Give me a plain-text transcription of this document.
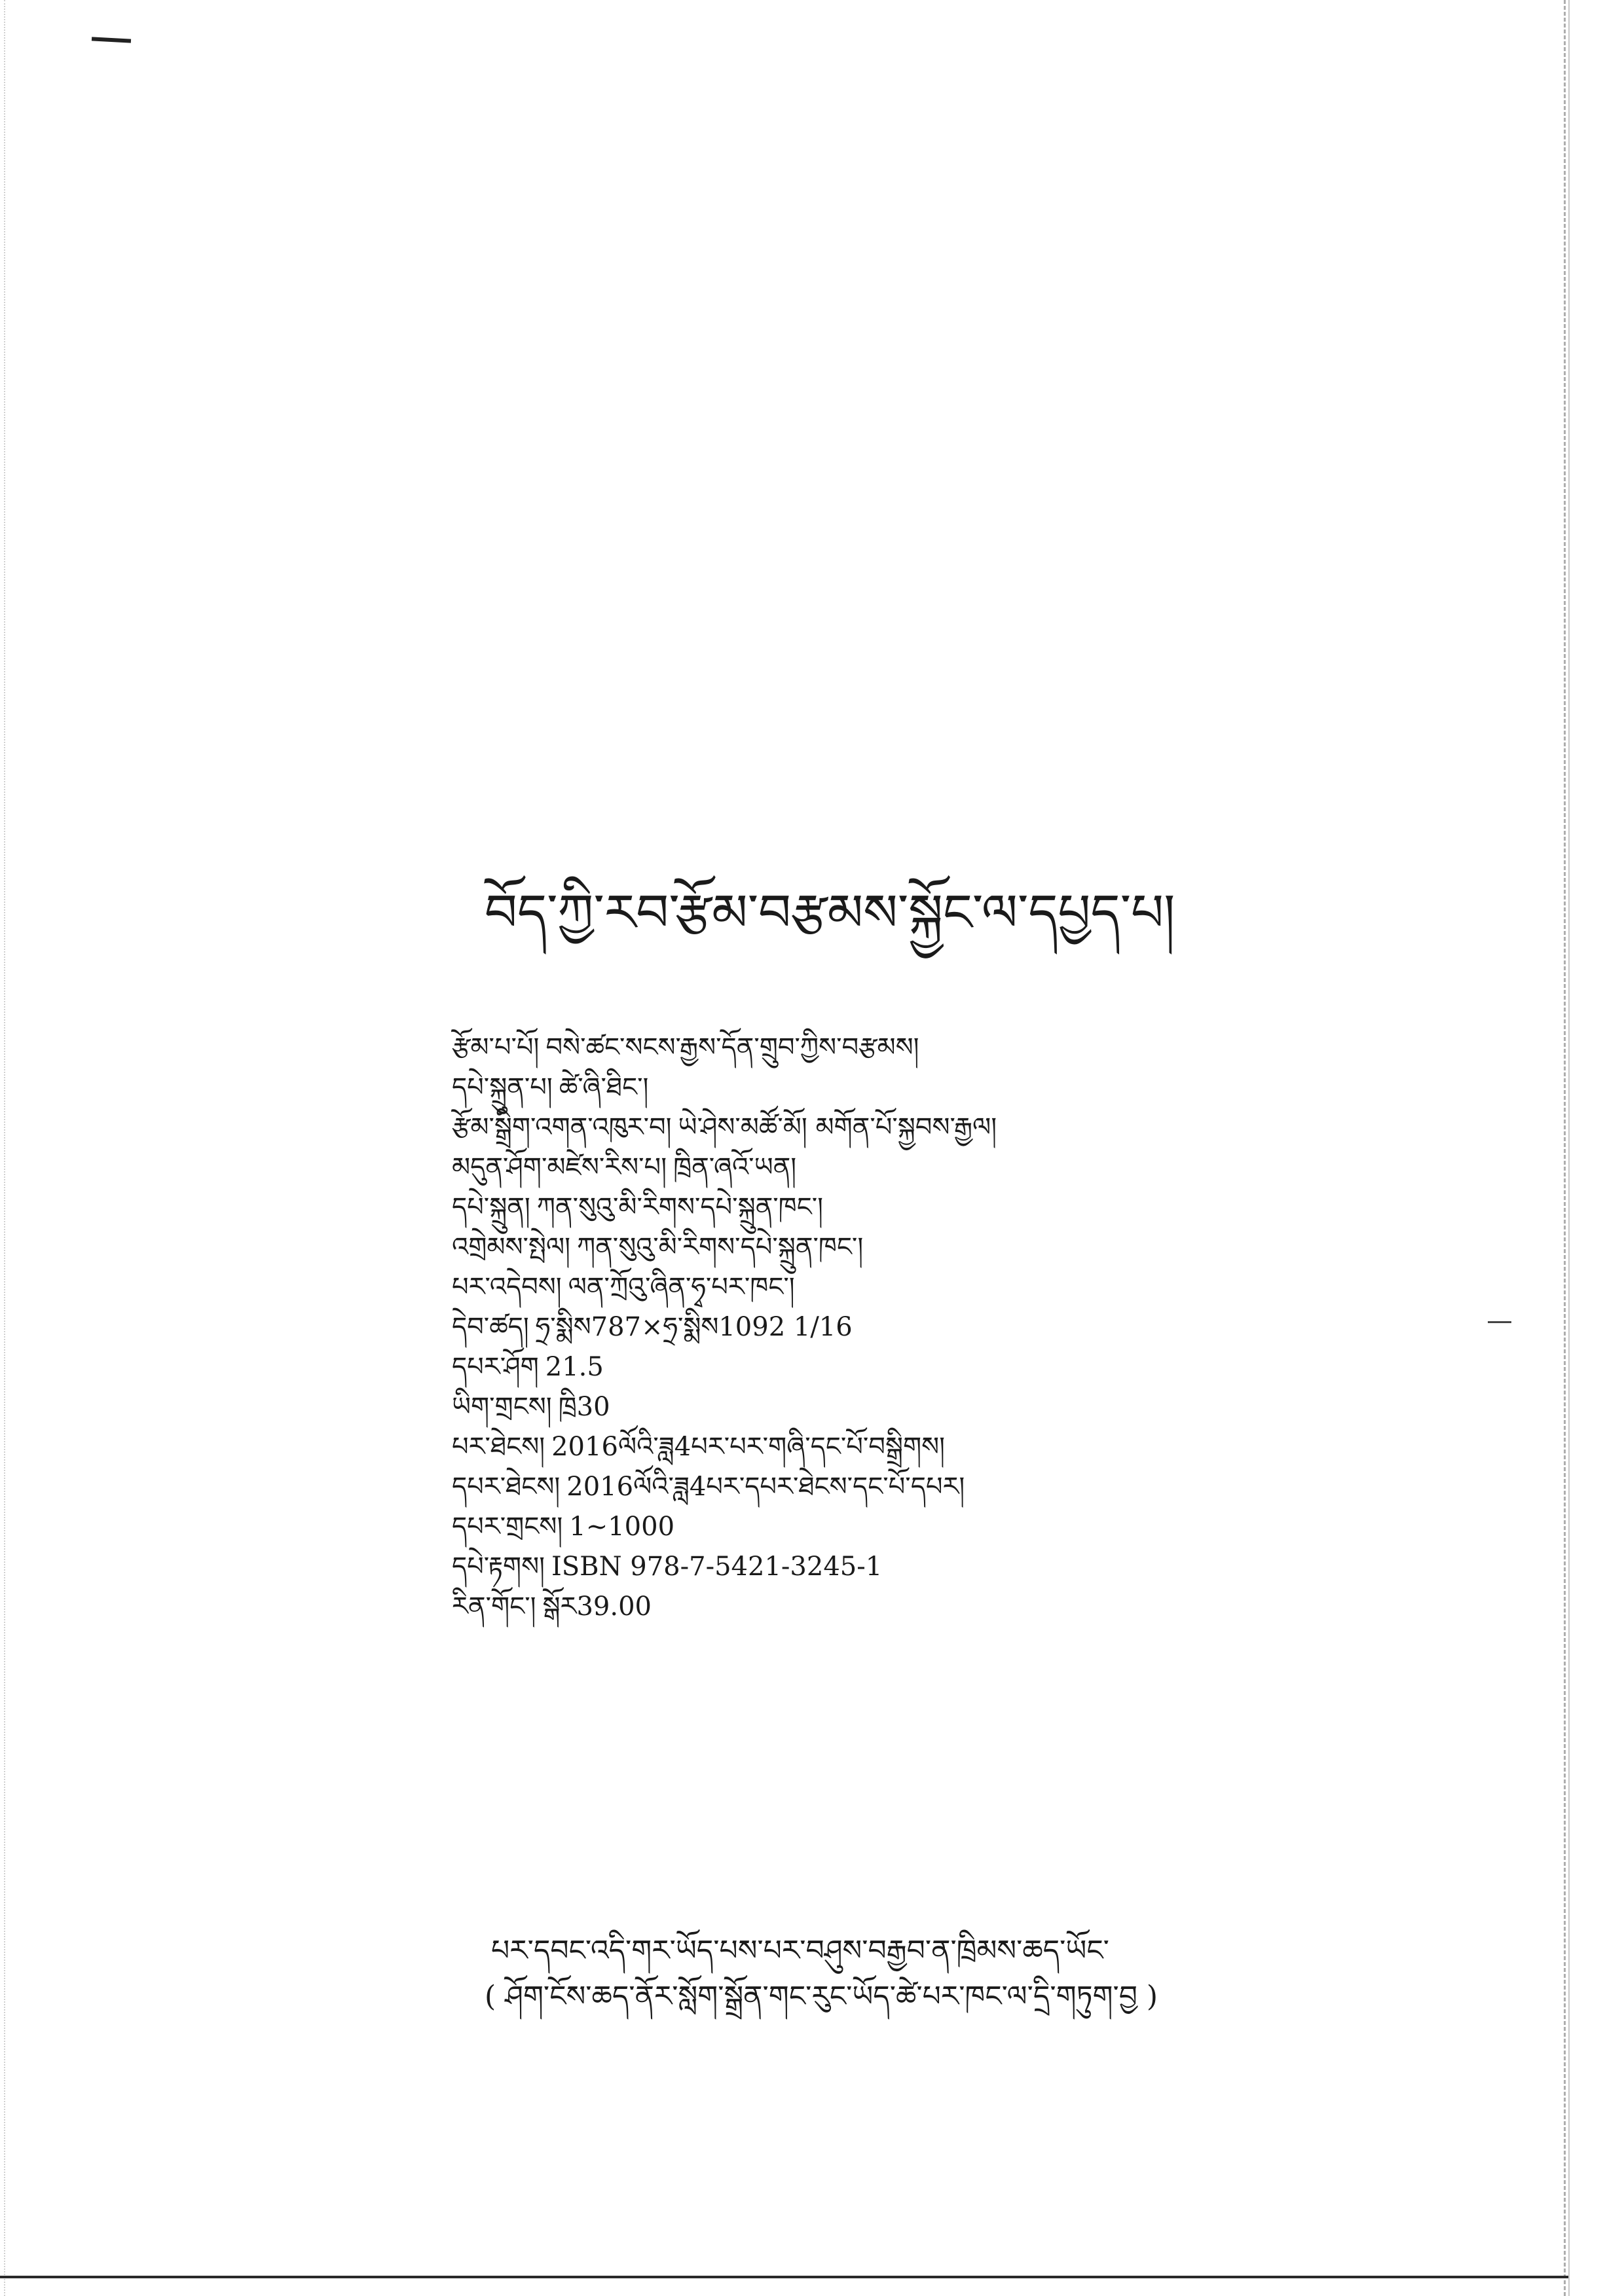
བོད་ཀྱི་རབ་རྩོམ་བརྩམས་སྐྱོང་ལ་དཔྱད་པ།
རྩོམ་པ་པོ། བསེ་ཚང་སངས་རྒྱས་དོན་གྲུབ་ཀྱིས་བརྩམས།
དཔེ་སྐྲུན་པ། ཚེ་ཞི་ཐིང་།
རྩོམ་སྒྲིག་འགན་འཁུར་བ། ཡེ་ཤེས་མཚོ་མོ། མགོན་པོ་སྐྱབས་རྒྱལ།
མདུན་ཤོག་མཛེས་རིས་པ། ཁྲིན་ཞའོ་ཡན།
དཔེ་སྐྲུན། ཀན་སུའུ་མི་རིགས་དཔེ་སྐྲུན་ཁང་།
འགྲེམས་སྤེལ། ཀན་སུའུ་མི་རིགས་དཔེ་སྐྲུན་ཁང་།
པར་འདེབས། ལན་ཀྲོའུ་ཞིན་ཧྭ་པར་ཁང་།
དེབ་ཚད། ཧྲ་སྨིས787×ཧྲ་སྨིས1092 1/16
དཔར་ཤོག 21.5
ཡིག་གྲངས། ཁྲི30
པར་ཐེངས། 2016ལོའི་ཟླ4པར་པར་གཞི་དང་པོ་བསྒྲིགས།
དཔར་ཐེངས། 2016ལོའི་ཟླ4པར་དཔར་ཐེངས་དང་པོ་དཔར།
དཔར་གྲངས། 1~1000
དཔེ་རྟགས། ISBN 978-7-5421-3245-1
རིན་གོང་། སྒོར39.00
པར་དབང་འདི་གར་ཡོད་པས་པར་བཤུས་བརྒྱབ་ན་ཁྲིམས་ཆད་ཡོང་
( ཤོག་ངོས་ཆད་ནོར་སློག་སྒྲོན་གང་རུང་ཡོད་ཚེ་པར་ཁང་ལ་དྲི་གཏུག་བྱ )
